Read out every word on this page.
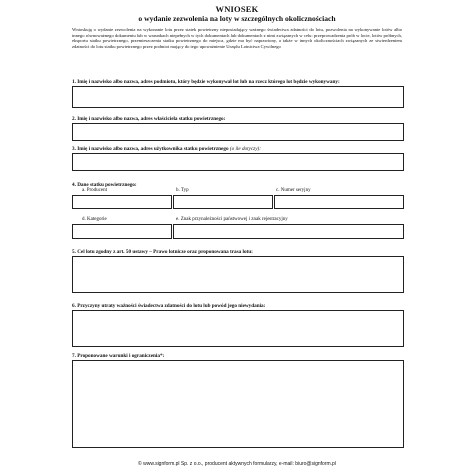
WNIOSEK
o wydanie zezwolenia na loty w szczególnych okolicznościach
Wnioskuję o wydanie zezwolenia na wykonanie lotu przez statek powietrzny nieposiadający ważnego świadectwa zdatności do lotu, pozwolenia na wykonywanie lotów albo innego równoważnego dokumentu lub w warunkach niepełnych w tych dokumentach lub dokumentach z nimi związanych w celu: przeprowadzenia prób w locie, lotów próbnych, eksportu statku powietrznego, przemieszczenia statku powietrznego do miejsca, gdzie ma być naprawiony, a także w innych okolicznościach związanych ze stwierdzeniem zdatności do lotu statku powietrznego przez podmiot mający do tego upoważnienie Urzędu Lotnictwa Cywilnego
1. Imię i nazwisko albo nazwa, adres podmiotu, który będzie wykonywał lot lub na rzecz którego lot będzie wykonywany:
2. Imię i nazwisko albo nazwa, adres właściciela statku powietrznego:
3. Imię i nazwisko albo nazwa, adres użytkownika statku powietrznego (o ile dotyczy):
4. Dane statku powietrznego:
a. Producent	b. Typ	c. Numer seryjny
d. Kategorie	e. Znak przynależności państwowej i znak rejestracyjny
5. Cel lotu zgodny z art. 50 ustawy – Prawo lotnicze oraz proponowana trasa lotu:
6. Przyczyny utraty ważności świadectwa zdatności do lotu lub powód jego niewydania:
7. Proponowane warunki i ograniczenia*:
© www.signform.pl Sp. z o.o., producent aktywnych formularzy, e-mail: biuro@signform.pl
